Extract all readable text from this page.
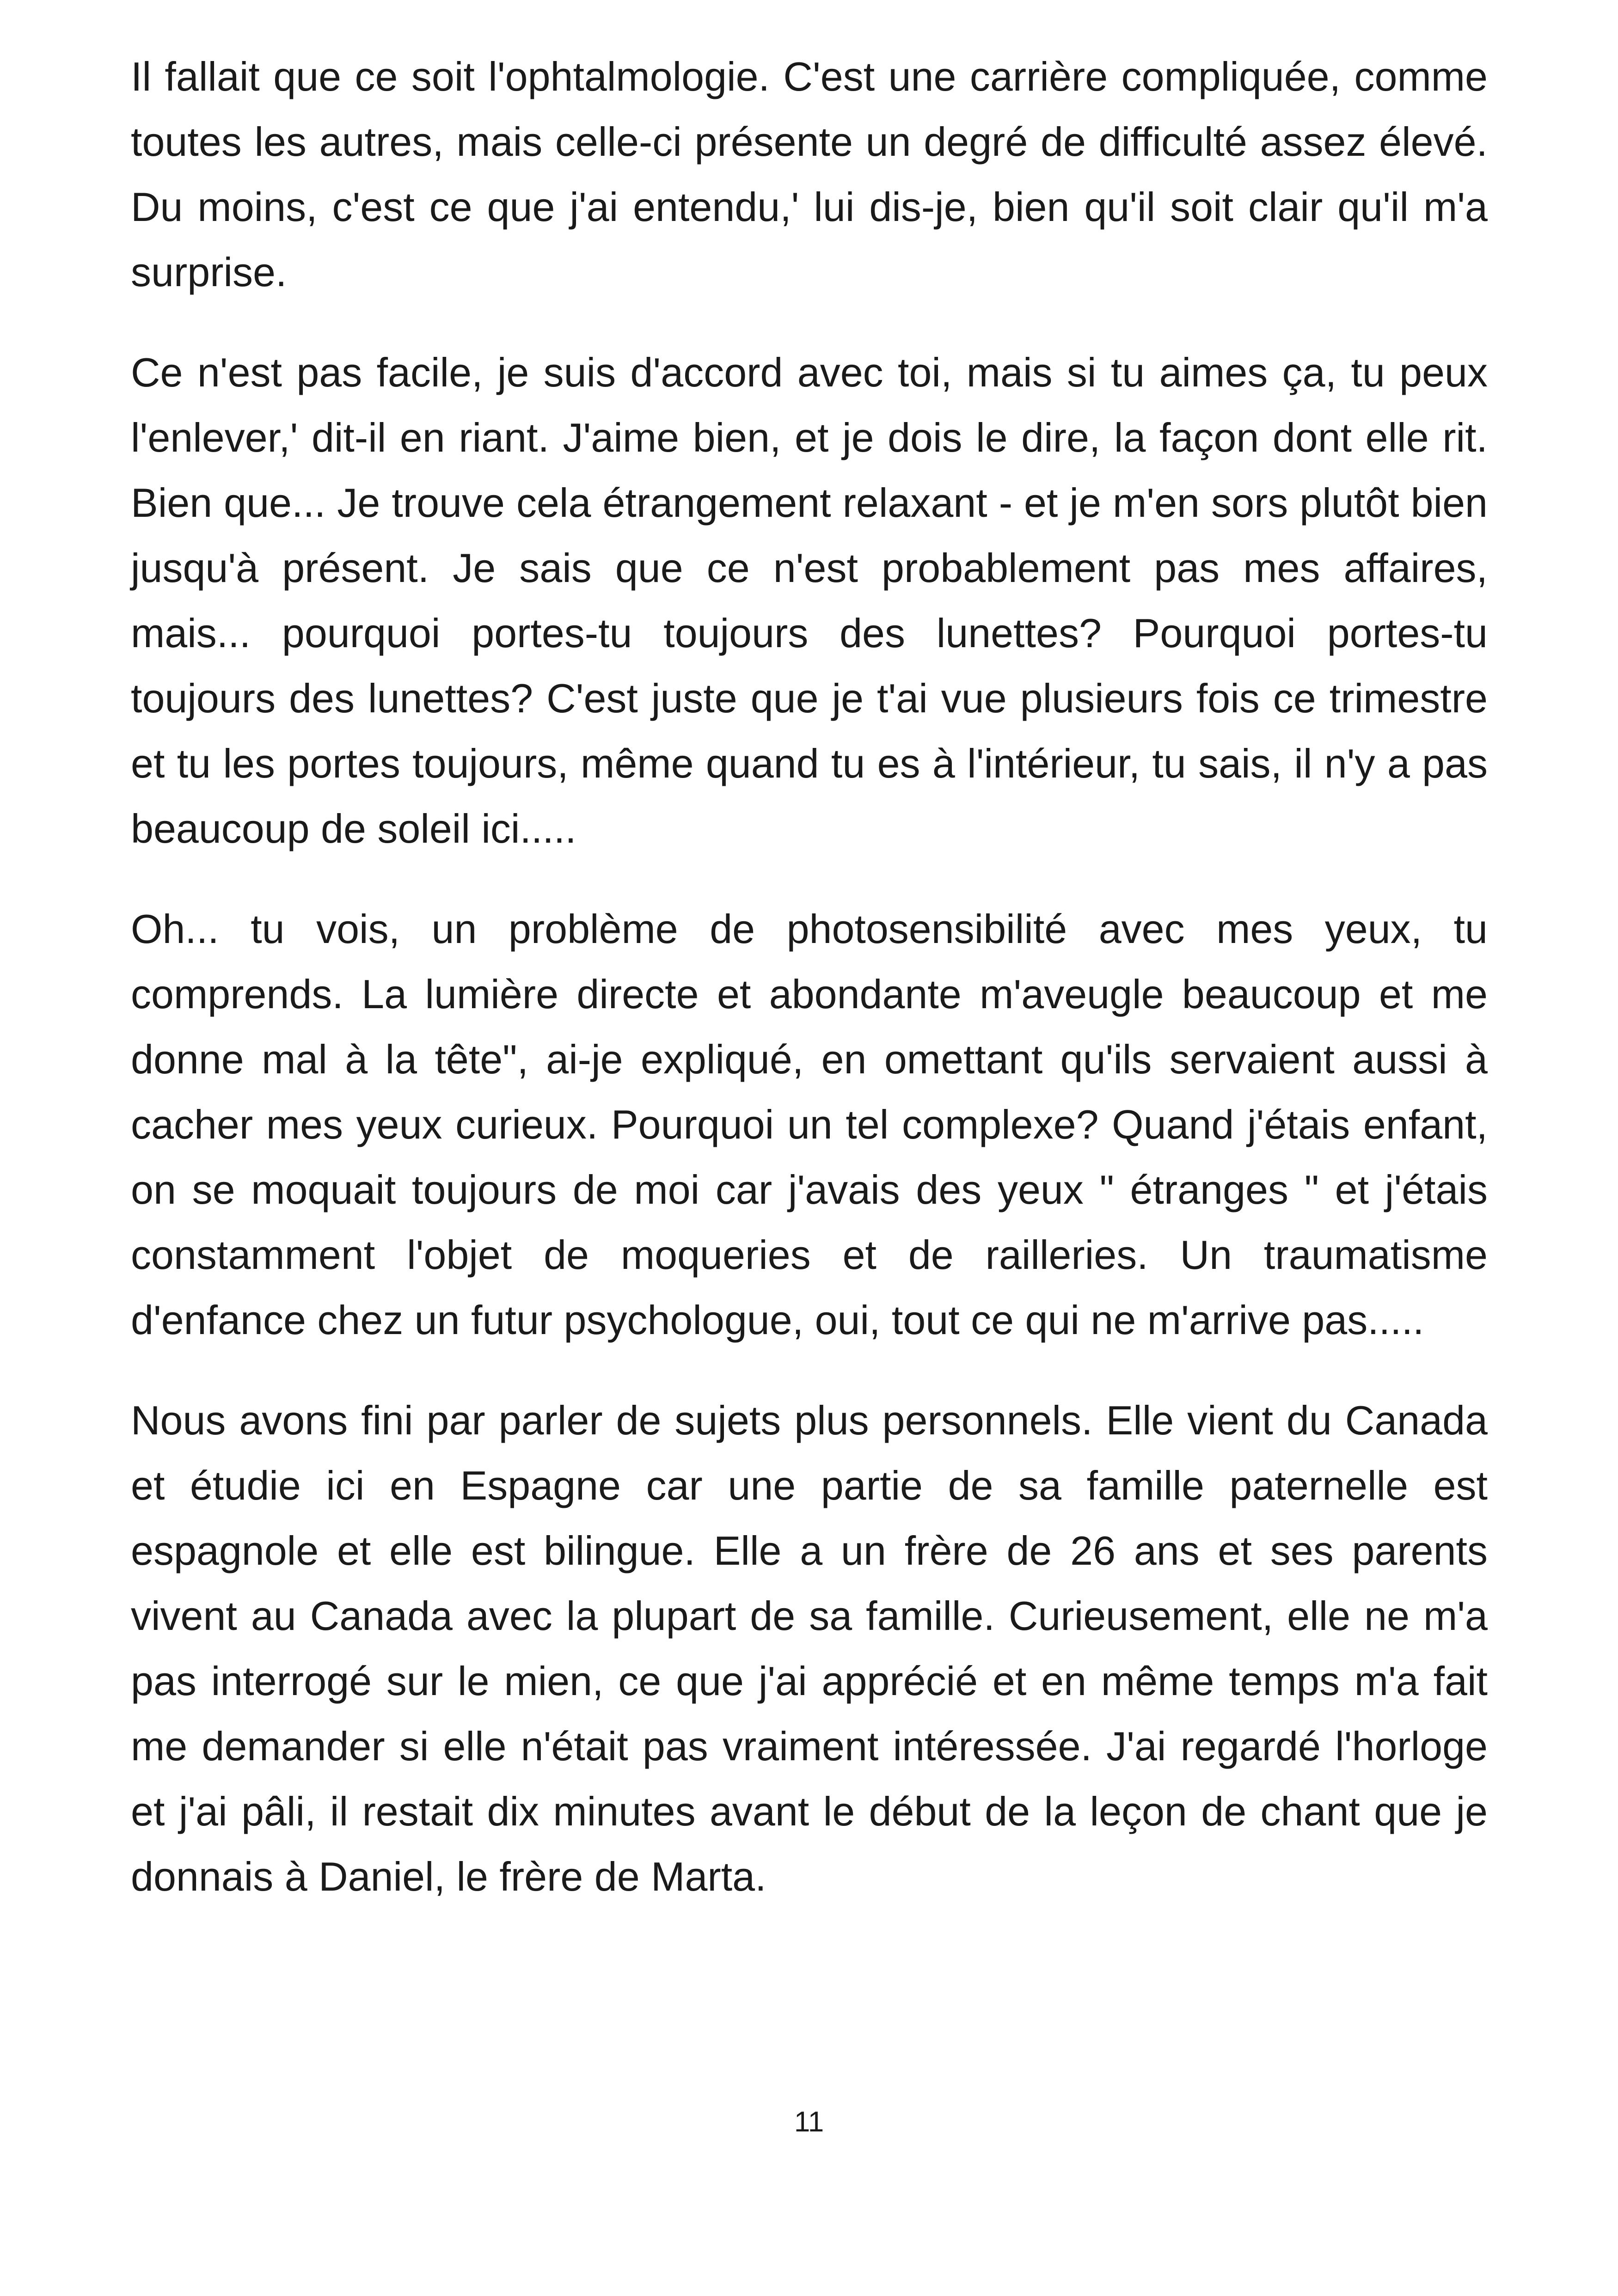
Il fallait que ce soit l'ophtalmologie. C'est une carrière compliquée, comme toutes les autres, mais celle-ci présente un degré de difficulté assez élevé. Du moins, c'est ce que j'ai entendu,' lui dis-je, bien qu'il soit clair qu'il m'a surprise.

Ce n'est pas facile, je suis d'accord avec toi, mais si tu aimes ça, tu peux l'enlever,' dit-il en riant. J'aime bien, et je dois le dire, la façon dont elle rit. Bien que... Je trouve cela étrangement relaxant - et je m'en sors plutôt bien jusqu'à présent. Je sais que ce n'est probablement pas mes affaires, mais... pourquoi portes-tu toujours des lunettes? Pourquoi portes-tu toujours des lunettes? C'est juste que je t'ai vue plusieurs fois ce trimestre et tu les portes toujours, même quand tu es à l'intérieur, tu sais, il n'y a pas beaucoup de soleil ici.....

Oh... tu vois, un problème de photosensibilité avec mes yeux, tu comprends. La lumière directe et abondante m'aveugle beaucoup et me donne mal à la tête", ai-je expliqué, en omettant qu'ils servaient aussi à cacher mes yeux curieux. Pourquoi un tel complexe? Quand j'étais enfant, on se moquait toujours de moi car j'avais des yeux " étranges " et j'étais constamment l'objet de moqueries et de railleries. Un traumatisme d'enfance chez un futur psychologue, oui, tout ce qui ne m'arrive pas.....

Nous avons fini par parler de sujets plus personnels. Elle vient du Canada et étudie ici en Espagne car une partie de sa famille paternelle est espagnole et elle est bilingue. Elle a un frère de 26 ans et ses parents vivent au Canada avec la plupart de sa famille. Curieusement, elle ne m'a pas interrogé sur le mien, ce que j'ai apprécié et en même temps m'a fait me demander si elle n'était pas vraiment intéressée. J'ai regardé l'horloge et j'ai pâli, il restait dix minutes avant le début de la leçon de chant que je donnais à Daniel, le frère de Marta.

11
